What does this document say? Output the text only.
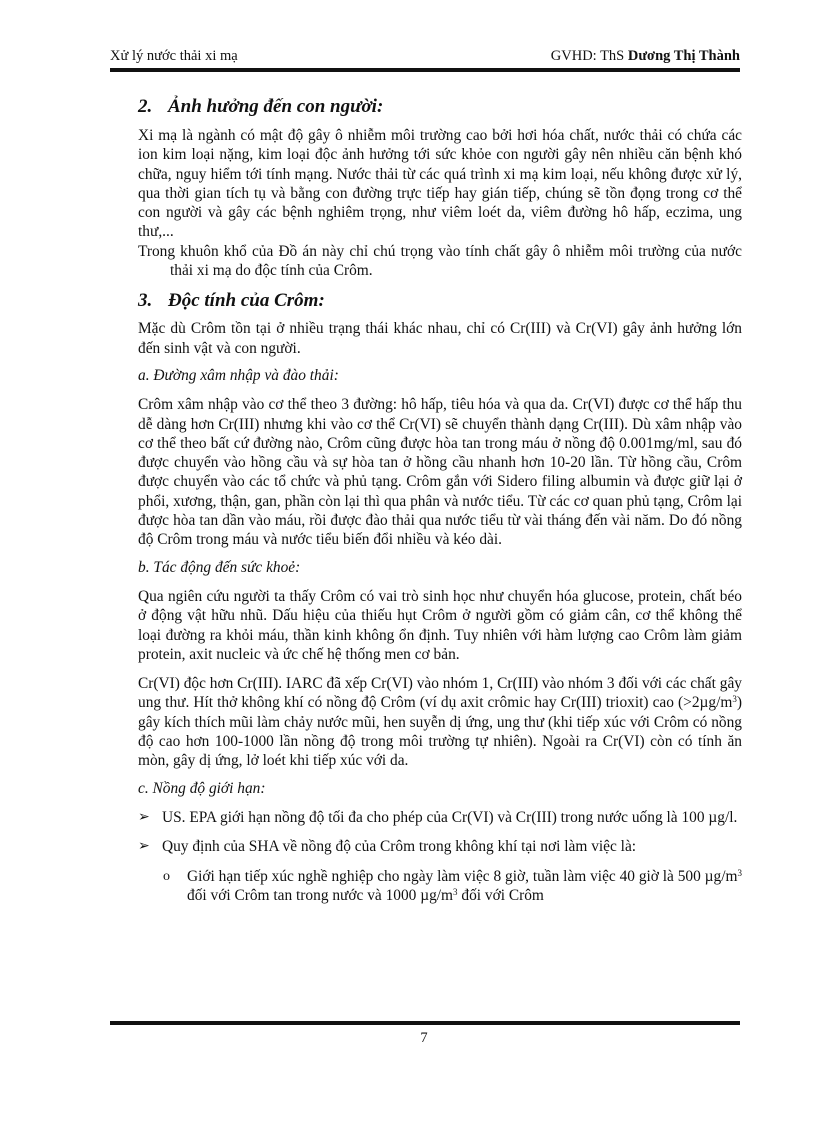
Xử lý nước thải xi mạ	GVHD: ThS Dương Thị Thành
2. Ảnh hưởng đến con người:

Xi mạ là ngành có mật độ gây ô nhiễm môi trường cao bởi hơi hóa chất, nước thải có chứa các ion kim loại nặng, kim loại độc ảnh hưởng tới sức khỏe con người gây nên nhiều căn bệnh khó chữa, nguy hiểm tới tính mạng. Nước thải từ các quá trình xi mạ kim loại, nếu không được xử lý, qua thời gian tích tụ và bằng con đường trực tiếp hay gián tiếp, chúng sẽ tồn đọng trong cơ thể con người và gây các bệnh nghiêm trọng, như viêm loét da, viêm đường hô hấp, eczima, ung thư,...

Trong khuôn khổ của Đồ án này chỉ chú trọng vào tính chất gây ô nhiễm môi trường của nước thải xi mạ do độc tính của Crôm.

3. Độc tính của Crôm:

Mặc dù Crôm tồn tại ở nhiều trạng thái khác nhau, chỉ có Cr(III) và Cr(VI) gây ảnh hưởng lớn đến sinh vật và con người.

a. Đường xâm nhập và đào thải:

Crôm xâm nhập vào cơ thể theo 3 đường: hô hấp, tiêu hóa và qua da. Cr(VI) được cơ thể hấp thu dễ dàng hơn Cr(III) nhưng khi vào cơ thể Cr(VI) sẽ chuyển thành dạng Cr(III). Dù xâm nhập vào cơ thể theo bất cứ đường nào, Crôm cũng được hòa tan trong máu ở nồng độ 0.001mg/ml, sau đó được chuyển vào hồng cầu và sự hòa tan ở hồng cầu nhanh hơn 10-20 lần. Từ hồng cầu, Crôm được chuyển vào các tổ chức và phủ tạng. Crôm gắn với Sidero filing albumin và được giữ lại ở phổi, xương, thận, gan, phần còn lại thì qua phân và nước tiểu. Từ các cơ quan phủ tạng, Crôm lại được hòa tan dần vào máu, rồi được đào thải qua nước tiểu từ vài tháng đến vài năm. Do đó nồng độ Crôm trong máu và nước tiểu biến đổi nhiều và kéo dài.

b. Tác động đến sức khoẻ:

Qua ngiên cứu người ta thấy Crôm có vai trò sinh học như chuyển hóa glucose, protein, chất béo ở động vật hữu nhũ. Dấu hiệu của thiếu hụt Crôm ở người gồm có giảm cân, cơ thể không thể loại đường ra khỏi máu, thần kinh không ổn định. Tuy nhiên với hàm lượng cao Crôm làm giảm protein, axit nucleic và ức chế hệ thống men cơ bản.

Cr(VI) độc hơn Cr(III). IARC đã xếp Cr(VI) vào nhóm 1, Cr(III) vào nhóm 3 đối với các chất gây ung thư. Hít thở không khí có nồng độ Crôm (ví dụ axit crômic hay Cr(III) trioxit) cao $(>2\mu g/m^3)$ gây kích thích mũi làm chảy nước mũi, hen suyễn dị ứng, ung thư (khi tiếp xúc với Crôm có nồng độ cao hơn 100-1000 lần nồng độ trong môi trường tự nhiên). Ngoài ra Cr(VI) còn có tính ăn mòn, gây dị ứng, lở loét khi tiếp xúc với da.

c. Nồng độ giới hạn:

➢ US. EPA giới hạn nồng độ tối đa cho phép của Cr(VI) và Cr(III) trong nước uống là 100 µg/l.
➢ Quy định của SHA về nồng độ của Crôm trong không khí tại nơi làm việc là:
o	Giới hạn tiếp xúc nghề nghiệp cho ngày làm việc 8 giờ, tuần làm việc 40 giờ là 500 $\mu g/m^3$ đối với Crôm tan trong nước và 1000 $\mu g/m^3$ đối với Crôm
7
